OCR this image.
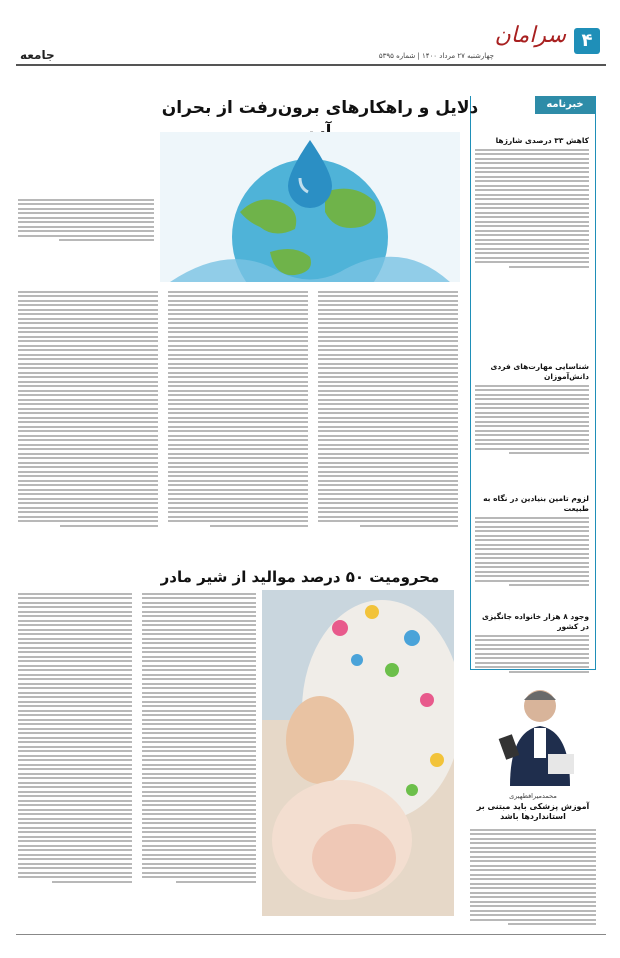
۴
سرامان
چهارشنبه ۲۷ مرداد ۱۴۰۰ | شماره ۵۳۹۵
جامعه
خبرنامه
کاهش ۳۳ درصدی شارژها
شناسایی مهارت‌های فردی دانش‌آموزان
لزوم تامین بنیادین در نگاه به طبیعت
وجود ۸ هزار خانواده جانگیزی در کشور
دلایل و راهکارهای برون‌رفت از بحران
محرومیت ۵۰ درصد موالید از شیر مادر
محمدمیرافطهیری
آموزش پزشکی باید مبتنی بر استانداردها باشد
